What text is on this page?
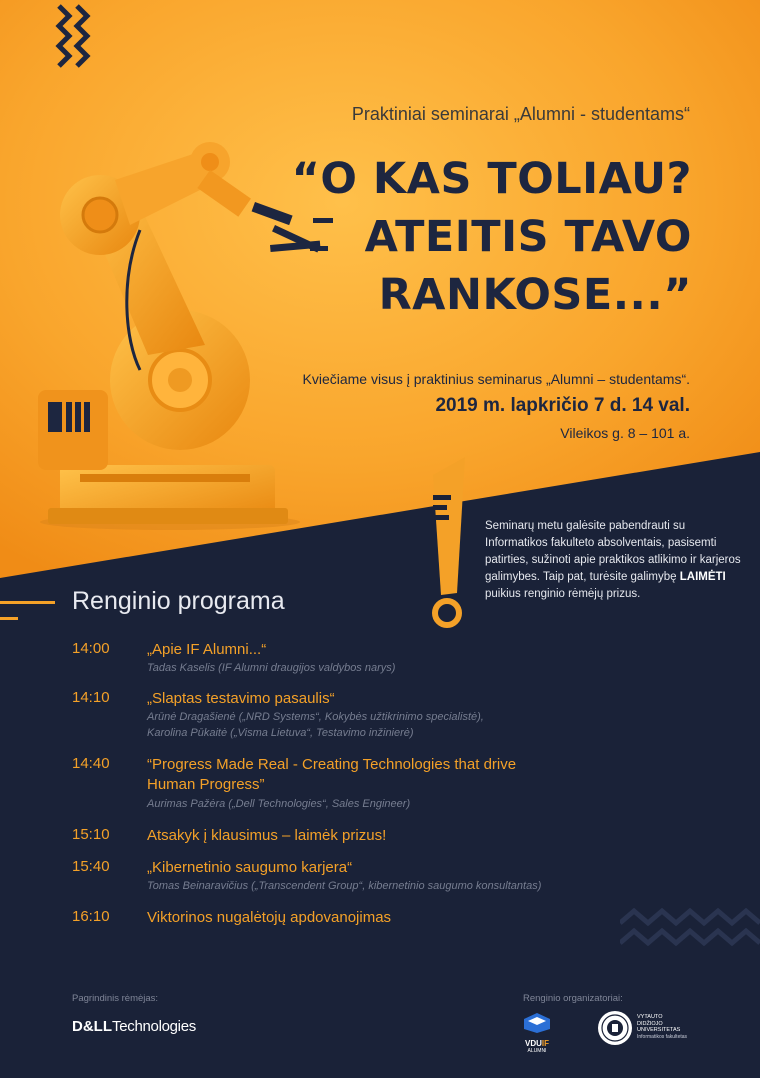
Praktiniai seminarai „Alumni - studentams“
“O KAS TOLIAU?
ATEITIS TAVO
RANKOSE...”
Kviečiame visus į praktinius seminarus „Alumni – studentams“.
2019 m. lapkričio 7 d. 14 val.
Vileikos g. 8 – 101 a.
Seminarų metu galėsite pabendrauti su Informatikos fakulteto absolventais, pasisemti patirties, sužinoti apie praktikos atlikimo ir karjeros galimybes. Taip pat, turėsite galimybę LAIMĖTI puikius renginio rėmėjų prizus.
Renginio programa
14:00 „Apie IF Alumni...“
Tadas Kaselis (IF Alumni draugijos valdybos narys)
14:10 „Slaptas testavimo pasaulis“
Arūnė Dragašienė („NRD Systems“, Kokybės užtikrinimo specialistė),
Karolina Pūkaitė („Visma Lietuva“, Testavimo inžinierė)
14:40 “Progress Made Real - Creating Technologies that drive Human Progress”
Aurimas Pažėra („Dell Technologies“, Sales Engineer)
15:10 Atsakyk į klausimus – laimėk prizus!
15:40 „Kibernetinio saugumo karjera“
Tomas Beinaravičius („Transcendent Group“, kibernetinio saugumo konsultantas)
16:10 Viktorinos nugalėtojų apdovanojimas
Pagrindinis rėmėjas:
D&LLTechnologies
Renginio organizatoriai:
VDUIF
ALUMNI
VYTAUTO
DIDŽIOJO
UNIVERSITETAS
Informatikos fakultetas
